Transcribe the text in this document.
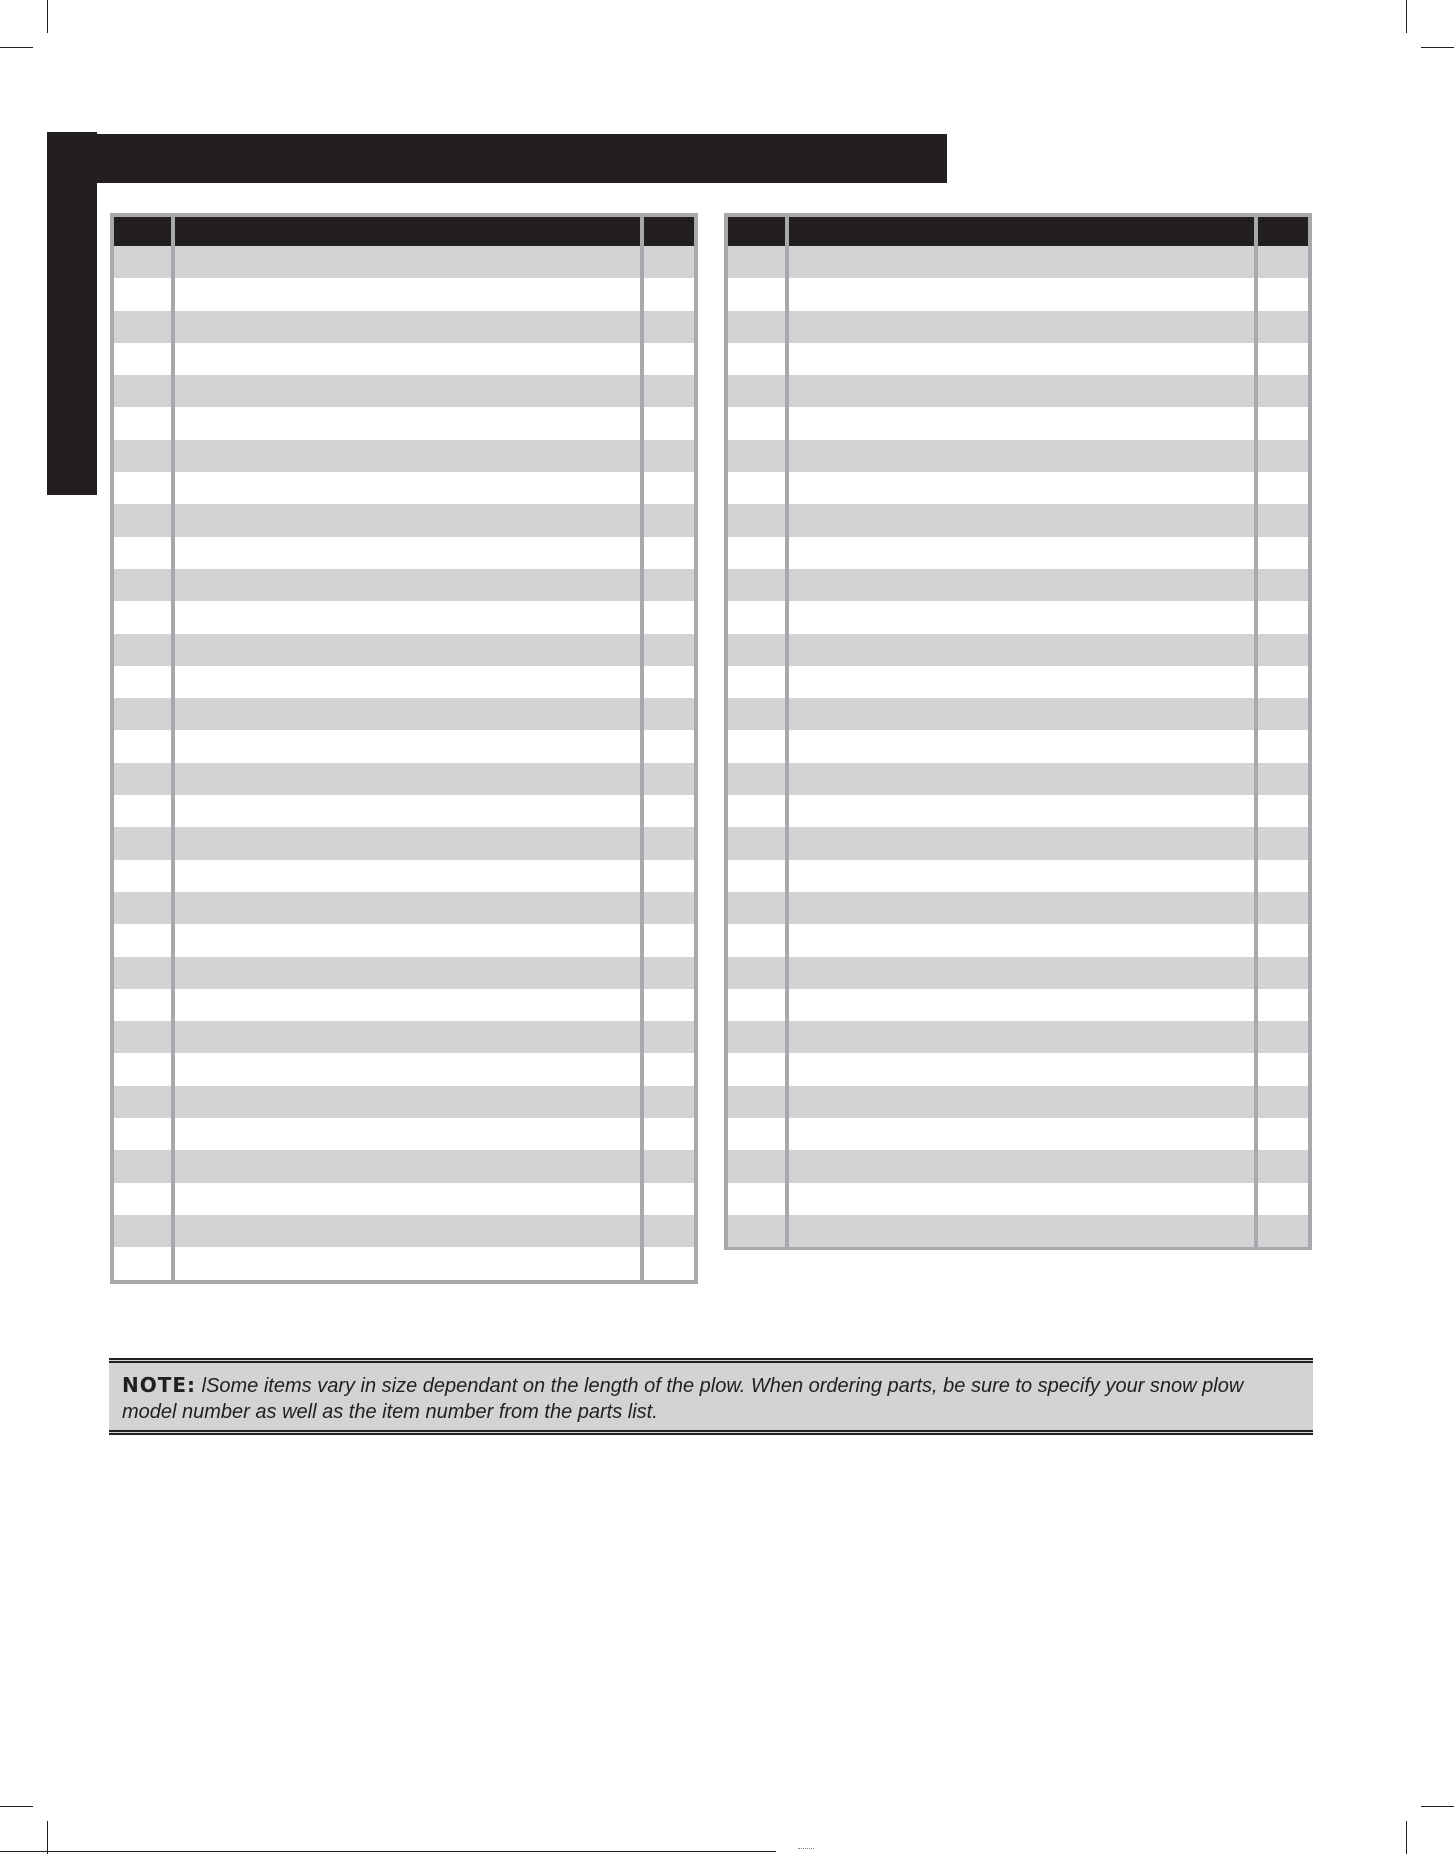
NOTE: lSome items vary in size dependant on the length of the plow. When ordering parts, be sure to specify your snow plow model number as well as the item number from the parts list.
